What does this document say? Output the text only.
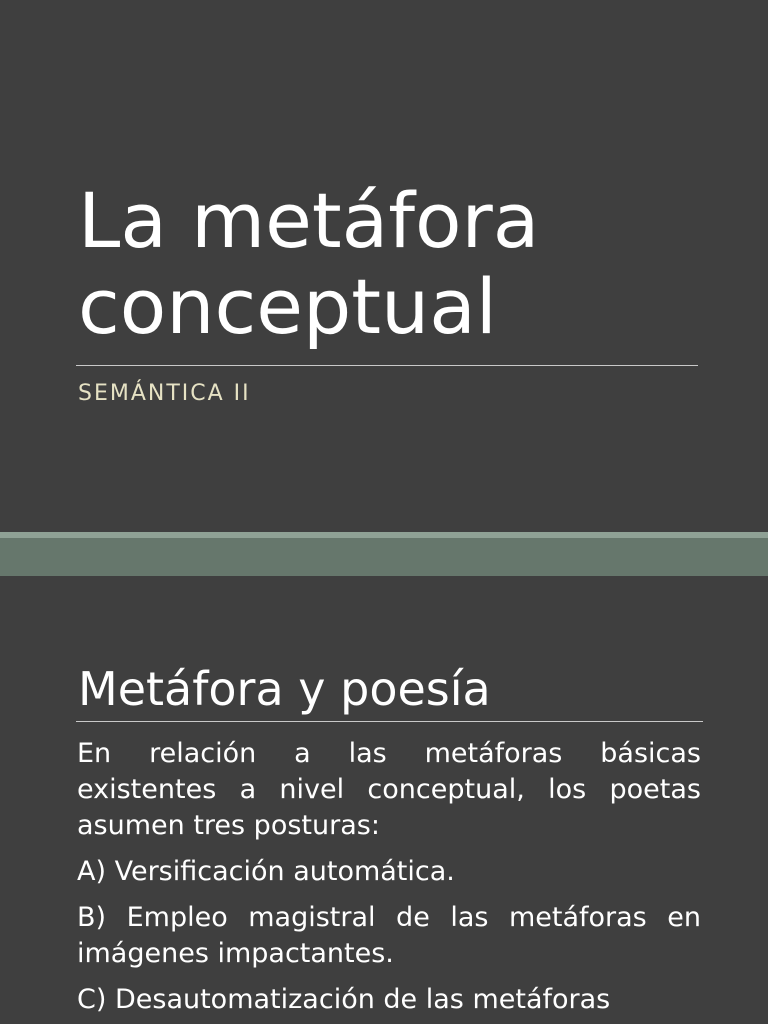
La metáfora
conceptual
SEMÁNTICA II
Metáfora y poesía

En relación a las metáforas básicas existentes a nivel conceptual, los poetas asumen tres posturas:

A) Versificación automática.

B) Empleo magistral de las metáforas en imágenes impactantes.

C) Desautomatización de las metáforas
